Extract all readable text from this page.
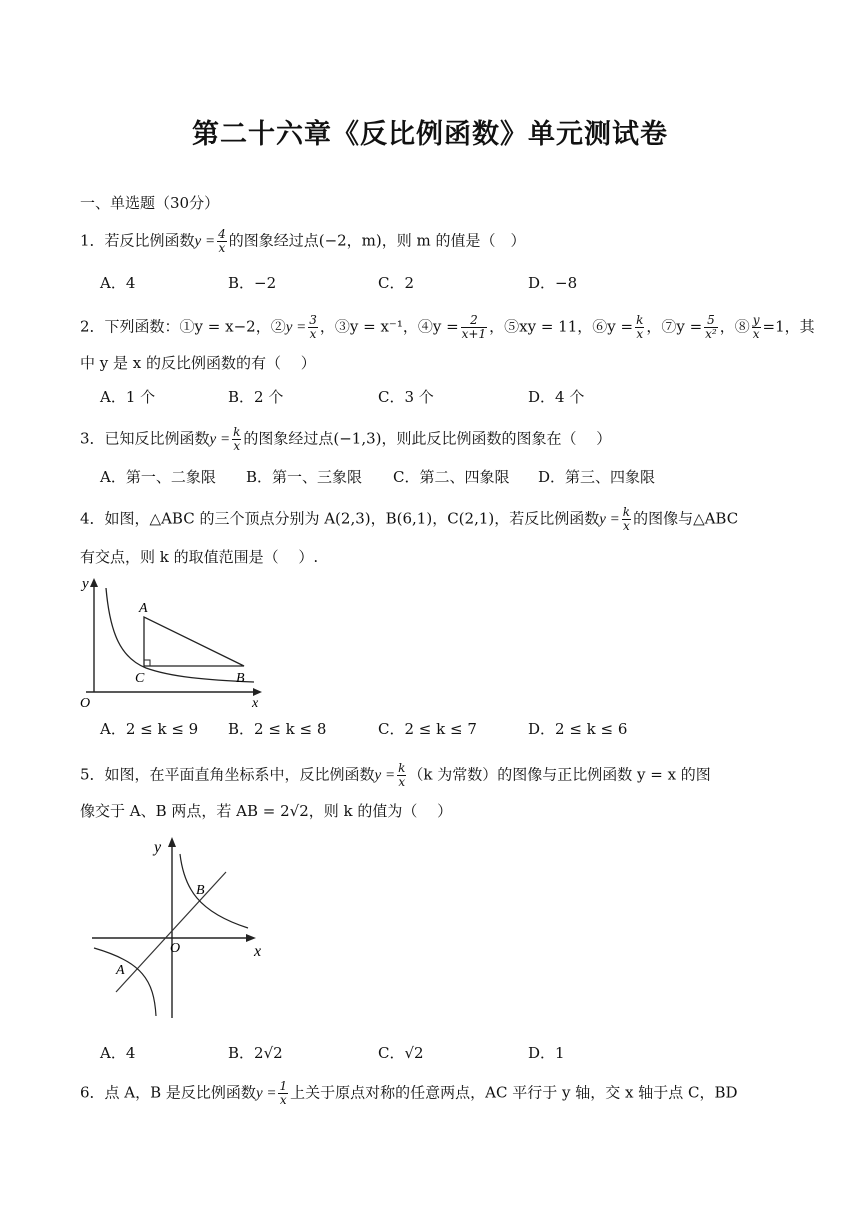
第二十六章《反比例函数》单元测试卷
一、单选题（30分）
1．若反比例函数$y = \frac{4}{x}$ 的图象经过点(−2，m)，则 m 的值是（　）
A．4	B．−2	C．2	D．−8
2．下列函数：①y = x−2，②y = $\frac{3}{x}$ ，③y = x⁻¹，④y = $\frac{2}{x+1}$ ，⑤xy = 11，⑥y = $\frac{k}{x}$ ，⑦y = $\frac{5}{\text{x²}}$ ，⑧ $\frac{y}{x} =1$，其
中 y 是 x 的反比例函数的有（　 ）
A．1 个	B．2 个	C．3 个	D．4 个
3．已知反比例函数$y = \frac{k}{x}$ 的图象经过点(−1,3)，则此反比例函数的图象在（　 ）
A．第一、二象限 B．第一、三象限 C．第二、四象限 D．第三、四象限
4．如图，△ABC 的三个顶点分别为 A(2,3)，B(6,1)，C(2,1)，若反比例函数$y = \frac{k}{x}$ 的图像与△ABC
有交点，则 k 的取值范围是（　 ）.
y
A
C	B
O	x
A．2 ≤ k ≤ 9 B．2 ≤ k ≤ 8	C．2 ≤ k ≤ 7	D．2 ≤ k ≤ 6
5．如图，在平面直角坐标系中，反比例函数$y = \frac{k}{x} (k$ 为常数）的图像与正比例函数 y = x 的图
像交于 A、B 两点，若 AB = 2√2，则 k 的值为（　 ）
y
B
O	x
A
A．4	B．2√2	C．√2	D．1
6．点 A，B 是反比例函数$y = \frac{1}{x}$ 上关于原点对称的任意两点，AC 平行于 y 轴，交 x 轴于点 C，BD
